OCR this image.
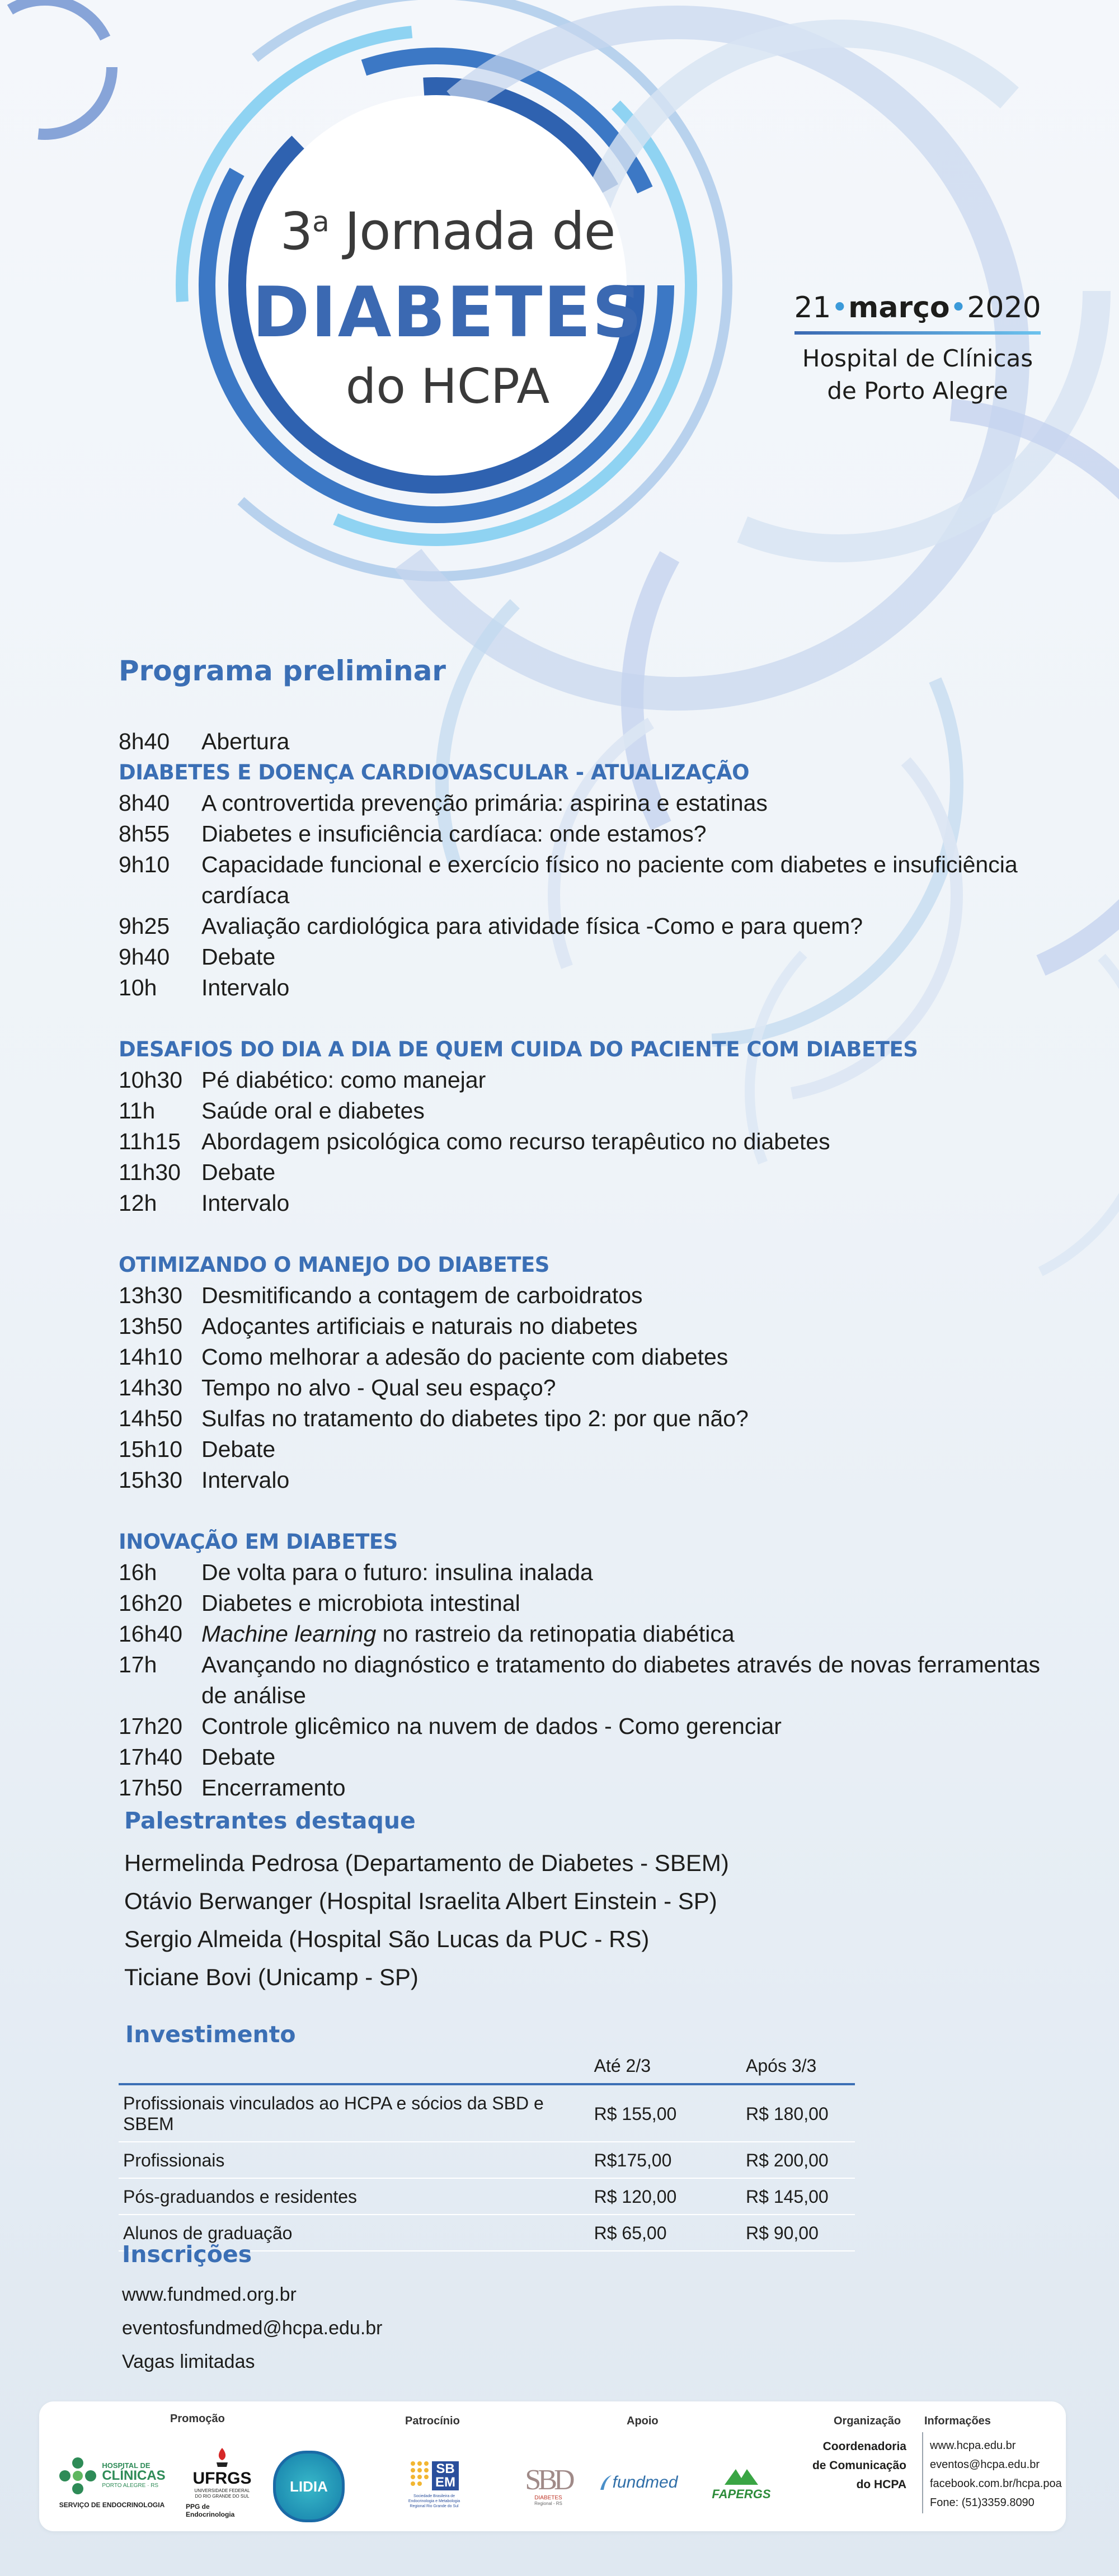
3$^a$ Jornada de
DIABETES
do HCPA
21•março•2020
Hospital de Clínicas
de Porto Alegre
Programa preliminar
8h40	Abertura
DIABETES E DOENÇA CARDIOVASCULAR - ATUALIZAÇÃO
8h40	A controvertida prevenção primária: aspirina e estatinas
8h55	Diabetes e insuficiência cardíaca: onde estamos?
9h10	Capacidade funcional e exercício físico no paciente com diabetes e insuficiência cardíaca
9h25	Avaliação cardiológica para atividade física -Como e para quem?
9h40	Debate
10h	Intervalo
DESAFIOS DO DIA A DIA DE QUEM CUIDA DO PACIENTE COM DIABETES
10h30 Pé diabético: como manejar
11h	Saúde oral e diabetes
11h15 Abordagem psicológica como recurso terapêutico no diabetes
11h30 Debate
12h	Intervalo
OTIMIZANDO O MANEJO DO DIABETES
13h30 Desmitificando a contagem de carboidratos
13h50 Adoçantes artificiais e naturais no diabetes
14h10 Como melhorar a adesão do paciente com diabetes
14h30 Tempo no alvo - Qual seu espaço?
14h50 Sulfas no tratamento do diabetes tipo 2: por que não?
15h10 Debate
15h30 Intervalo
INOVAÇÃO EM DIABETES
16h	De volta para o futuro: insulina inalada
16h20 Diabetes e microbiota intestinal
16h40 Machine learning no rastreio da retinopatia diabética
17h	Avançando no diagnóstico e tratamento do diabetes através de novas ferramentas de análise
17h20 Controle glicêmico na nuvem de dados - Como gerenciar
17h40 Debate
17h50 Encerramento
Palestrantes destaque
Hermelinda Pedrosa (Departamento de Diabetes - SBEM)
Otávio Berwanger (Hospital Israelita Albert Einstein - SP)
Sergio Almeida (Hospital São Lucas da PUC - RS)
Ticiane Bovi (Unicamp - SP)
Investimento
	Até 2/3	Após 3/3
Profissionais vinculados ao HCPA e sócios da SBD e SBEM	R$ 155,00	R$ 180,00
Profissionais	R$175,00	R$ 200,00
Pós-graduandos e residentes	R$ 120,00	R$ 145,00
Alunos de graduação	R$ 65,00	R$ 90,00
Inscrições
www.fundmed.org.br
eventosfundmed@hcpa.edu.br
Vagas limitadas
Promoção	Patrocínio	Apoio	Organização Informações
HOSPITAL DE
CLÍNICAS
PORTO ALEGRE · RS
SERVIÇO DE ENDOCRINOLOGIA
UFRGS
UNIVERSIDADE FEDERAL
DO RIO GRANDE DO SUL
PPG de Endocrinologia
LIDIA
SB
EM
Sociedade Brasileira de Endocrinologia e Metabologia Regional Rio Grande do Sul
SBD
DIABETES
Regional - RS
fundmed
FAPERGS
Coordenadoria
de Comunicação
do HCPA
www.hcpa.edu.br
eventos@hcpa.edu.br
facebook.com.br/hcpa.poa
Fone: (51)3359.8090
